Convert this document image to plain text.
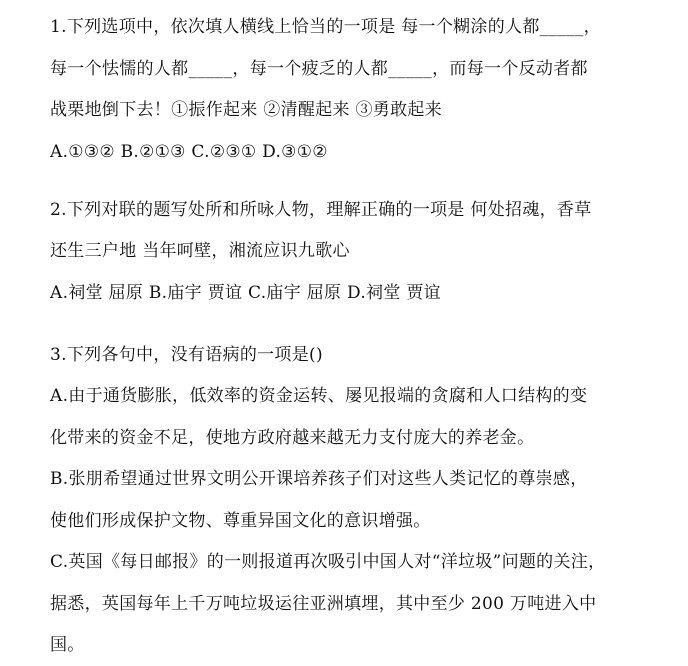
1.下列选项中，依次填人横线上恰当的一项是 每一个糊涂的人都_____，
每一个怯懦的人都_____，每一个疲乏的人都_____，而每一个反动者都
战栗地倒下去！①振作起来 ②清醒起来 ③勇敢起来
A.①③② B.②①③ C.②③① D.③①②
2.下列对联的题写处所和所咏人物，理解正确的一项是 何处招魂，香草
还生三户地 当年呵壁，湘流应识九歌心
A.祠堂 屈原 B.庙宇 贾谊 C.庙宇 屈原 D.祠堂 贾谊
3.下列各句中，没有语病的一项是()
A.由于通货膨胀，低效率的资金运转、屡见报端的贪腐和人口结构的变
化带来的资金不足，使地方政府越来越无力支付庞大的养老金。
B.张朋希望通过世界文明公开课培养孩子们对这些人类记忆的尊崇感，
使他们形成保护文物、尊重异国文化的意识增强。
C.英国《每日邮报》的一则报道再次吸引中国人对“洋垃圾”问题的关注，
据悉，英国每年上千万吨垃圾运往亚洲填埋，其中至少 200 万吨进入中
国。
